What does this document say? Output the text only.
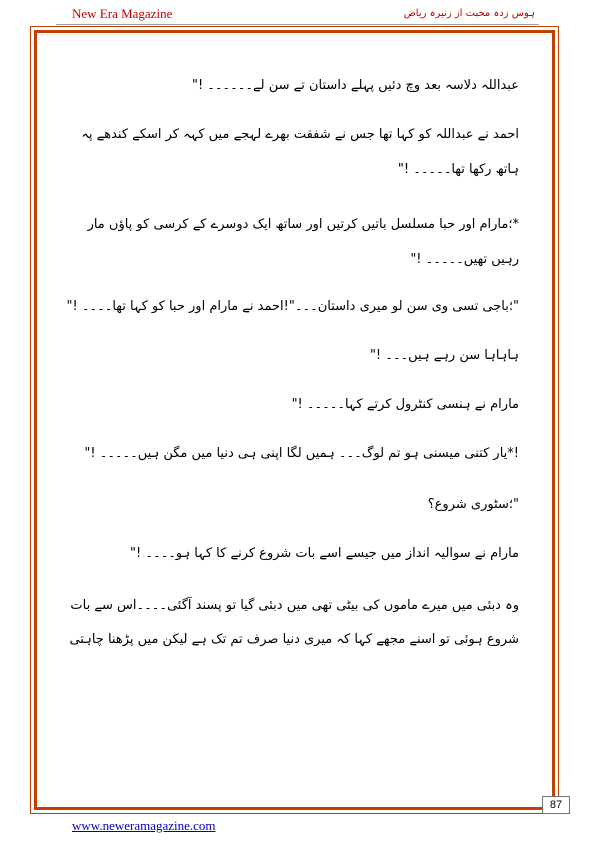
New Era Magazine	ہوس زدہ محبت از زنیرہ ریاض

عبداللہ دلاسہ بعد وچ دئیں پہلے داستان تے سن لے۔۔۔۔۔۔ !"

احمد نے عبداللہ کو کہا تھا جس نے شفقت بھرے لہجے میں کہہ کر اسکے کندھے پہ ہاتھ رکھا تھا۔۔۔۔۔ !"

*؛مارام اور حبا مسلسل باتیں کرتیں اور ساتھ ایک دوسرے کے کرسی کو پاؤں مار رہیں تھیں۔۔۔۔۔ !"

"؛باجی تسی وی سن لو میری داستان۔۔۔"!احمد نے مارام اور حبا کو کہا تھا۔۔۔۔ !"

ہاہاہا سن رہے ہیں۔۔۔ !"

مارام نے ہنسی کنٹرول کرتے کہا۔۔۔۔۔ !"

!*یار کتنی میسنی ہو تم لوگ۔۔۔ ہمیں لگا اپنی ہی دنیا میں مگن ہیں۔۔۔۔۔ !"

"؛سٹوری شروع؟

مارام نے سوالیہ انداز میں جیسے اسے بات شروع کرنے کا کہا ہو۔۔۔۔ !"

وہ دبئی میں میرے ماموں کی بیٹی تھی میں دبئی گیا تو پسند آگئی۔۔۔۔اس سے بات شروع ہوئی تو اسنے مجھے کہا کہ میری دنیا صرف تم تک ہے لیکن میں پڑھنا چاہتی

87
www.neweramagazine.com
